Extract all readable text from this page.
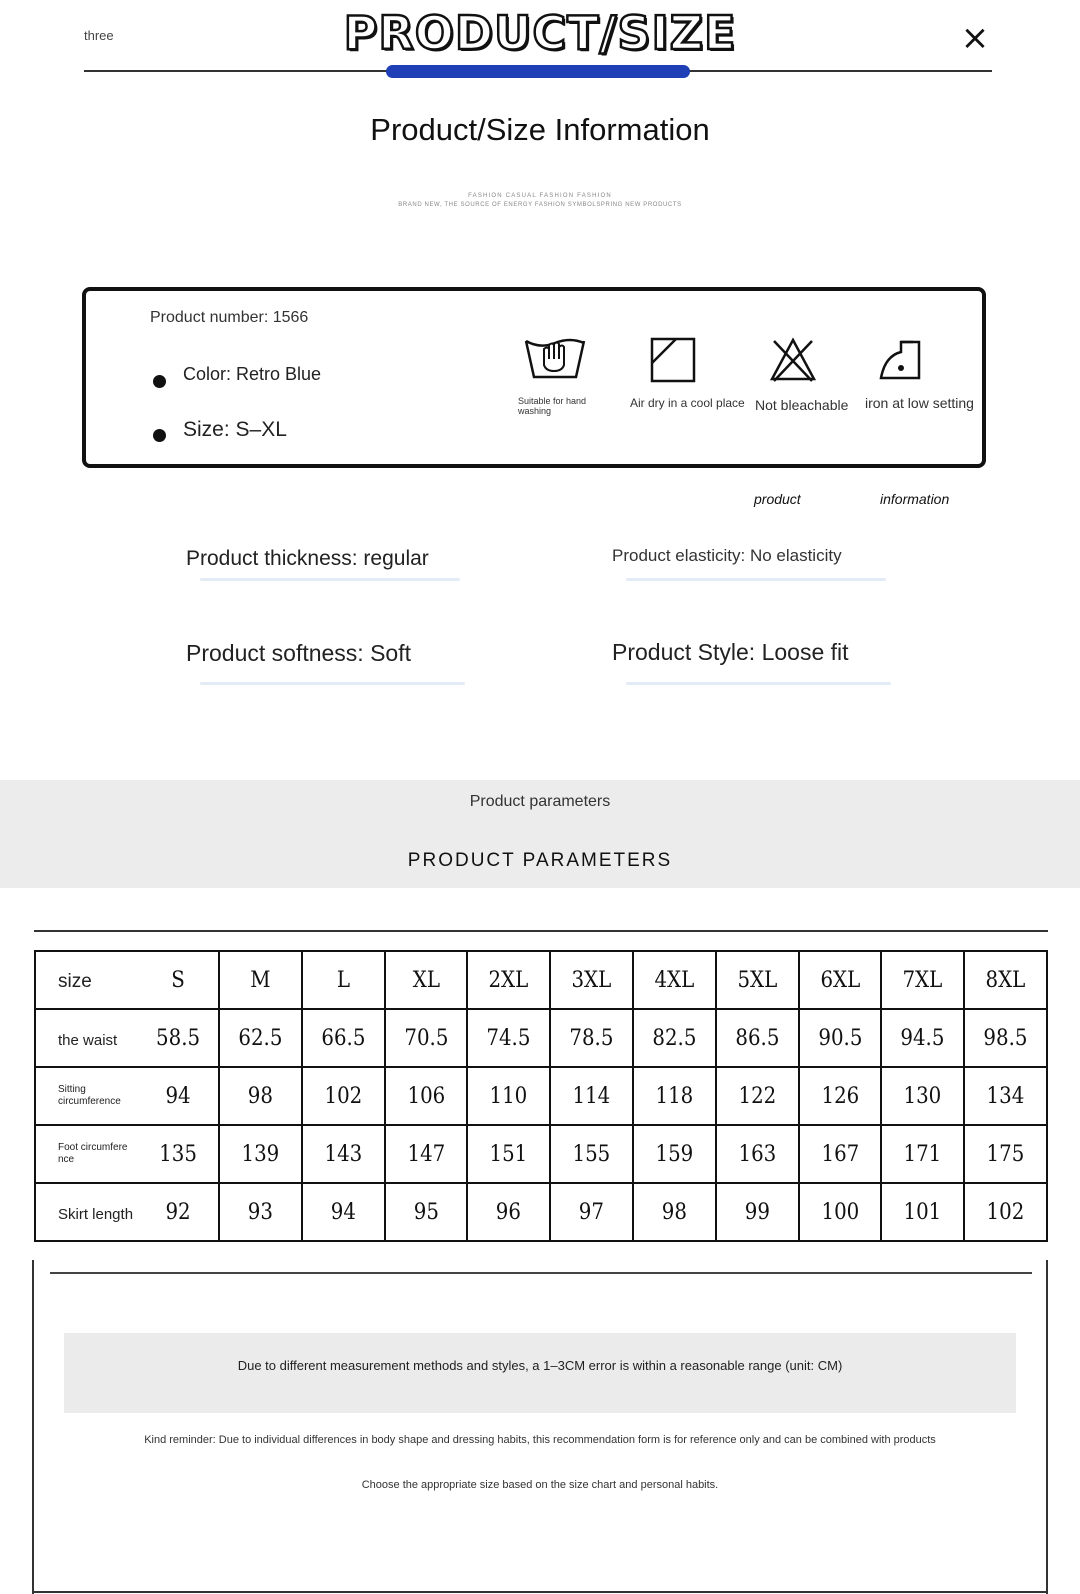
three	PRODUCT/SIZE	×
Product/Size Information
FASHION CASUAL FASHION FASHION
BRAND NEW, THE SOURCE OF ENERGY FASHION SYMBOLSPRING NEW PRODUCTS
Product number: 1566
Color: Retro Blue
Size: S–XL
Suitable for hand washing
Air dry in a cool place Not bleachable iron at low setting
product	information
Product thickness: regular	Product elasticity: No elasticity
Product softness: Soft	Product Style: Loose fit
Product parameters
PRODUCT PARAMETERS
size	S	M	L	XL	2XL	3XL	4XL	5XL	6XL	7XL	8XL
the waist	58.5	62.5	66.5	70.5	74.5	78.5	82.5	86.5	90.5	94.5	98.5

Sitting circumference	94	98	102	106	110	114	118	122	126	130	134

Foot circumfere nce	135	139	143	147	151	155	159	163	167	171	175
Skirt length	92	93	94	95	96	97	98	99	100	101	102
Due to different measurement methods and styles, a 1–3CM error is within a reasonable range (unit: CM)
Kind reminder: Due to individual differences in body shape and dressing habits, this recommendation form is for reference only and can be combined with products
Choose the appropriate size based on the size chart and personal habits.
